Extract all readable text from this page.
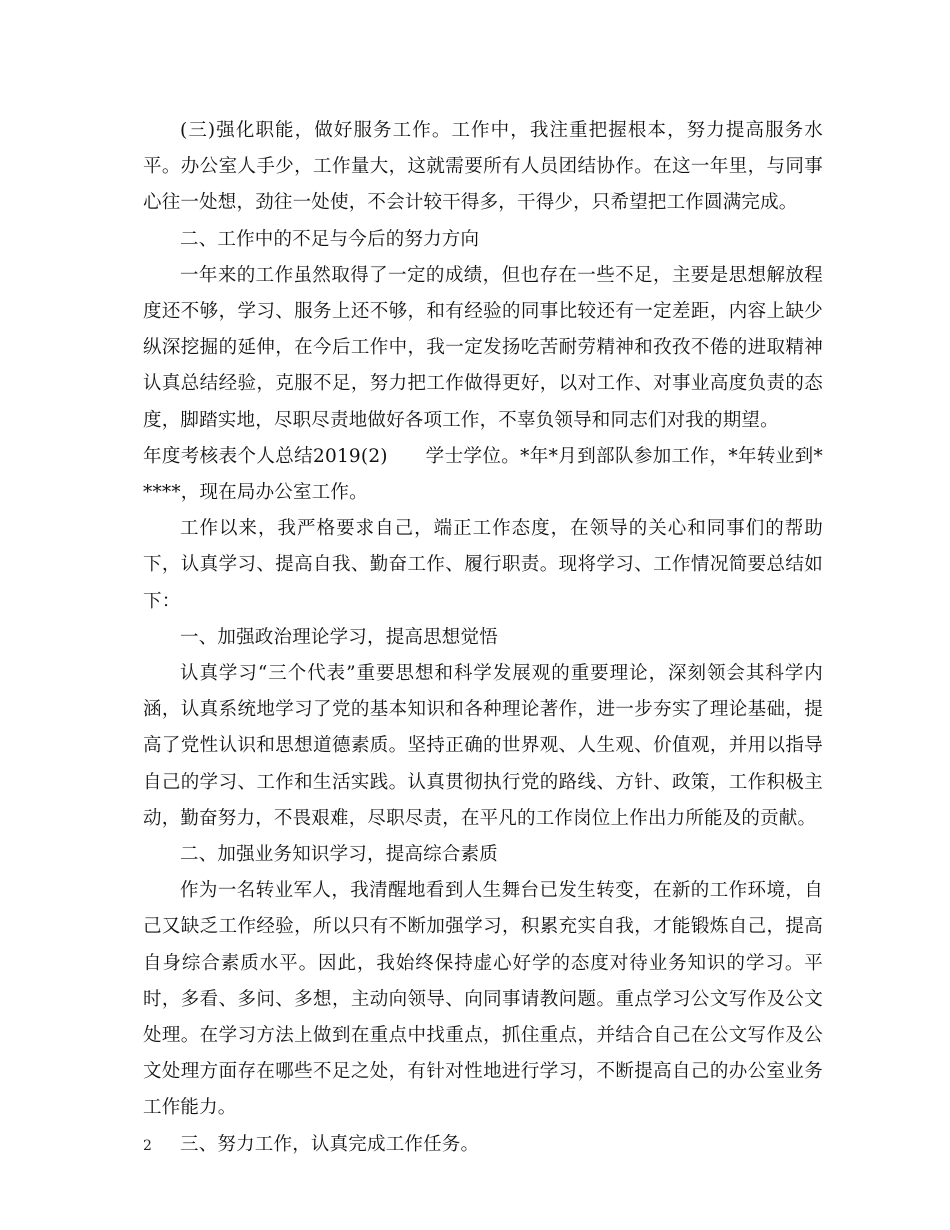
(三)强化职能，做好服务工作。工作中，我注重把握根本，努力提高服务水平。办公室人手少，工作量大，这就需要所有人员团结协作。在这一年里，与同事心往一处想，劲往一处使，不会计较干得多，干得少，只希望把工作圆满完成。

二、工作中的不足与今后的努力方向

一年来的工作虽然取得了一定的成绩，但也存在一些不足，主要是思想解放程度还不够，学习、服务上还不够，和有经验的同事比较还有一定差距，内容上缺少纵深挖掘的延伸，在今后工作中，我一定发扬吃苦耐劳精神和孜孜不倦的进取精神认真总结经验，克服不足，努力把工作做得更好，以对工作、对事业高度负责的态度，脚踏实地，尽职尽责地做好各项工作，不辜负领导和同志们对我的期望。

年度考核表个人总结2019(2)　　学士学位。*年*月到部队参加工作，*年转业到*****，现在局办公室工作。

工作以来，我严格要求自己，端正工作态度，在领导的关心和同事们的帮助下，认真学习、提高自我、勤奋工作、履行职责。现将学习、工作情况简要总结如下：

一、加强政治理论学习，提高思想觉悟

认真学习“三个代表”重要思想和科学发展观的重要理论，深刻领会其科学内涵，认真系统地学习了党的基本知识和各种理论著作，进一步夯实了理论基础，提高了党性认识和思想道德素质。坚持正确的世界观、人生观、价值观，并用以指导自己的学习、工作和生活实践。认真贯彻执行党的路线、方针、政策，工作积极主动，勤奋努力，不畏艰难，尽职尽责，在平凡的工作岗位上作出力所能及的贡献。

二、加强业务知识学习，提高综合素质

作为一名转业军人，我清醒地看到人生舞台已发生转变，在新的工作环境，自己又缺乏工作经验，所以只有不断加强学习，积累充实自我，才能锻炼自己，提高自身综合素质水平。因此，我始终保持虚心好学的态度对待业务知识的学习。平时，多看、多问、多想，主动向领导、向同事请教问题。重点学习公文写作及公文处理。在学习方法上做到在重点中找重点，抓住重点，并结合自己在公文写作及公文处理方面存在哪些不足之处，有针对性地进行学习，不断提高自己的办公室业务工作能力。

三、努力工作，认真完成工作任务。

2
